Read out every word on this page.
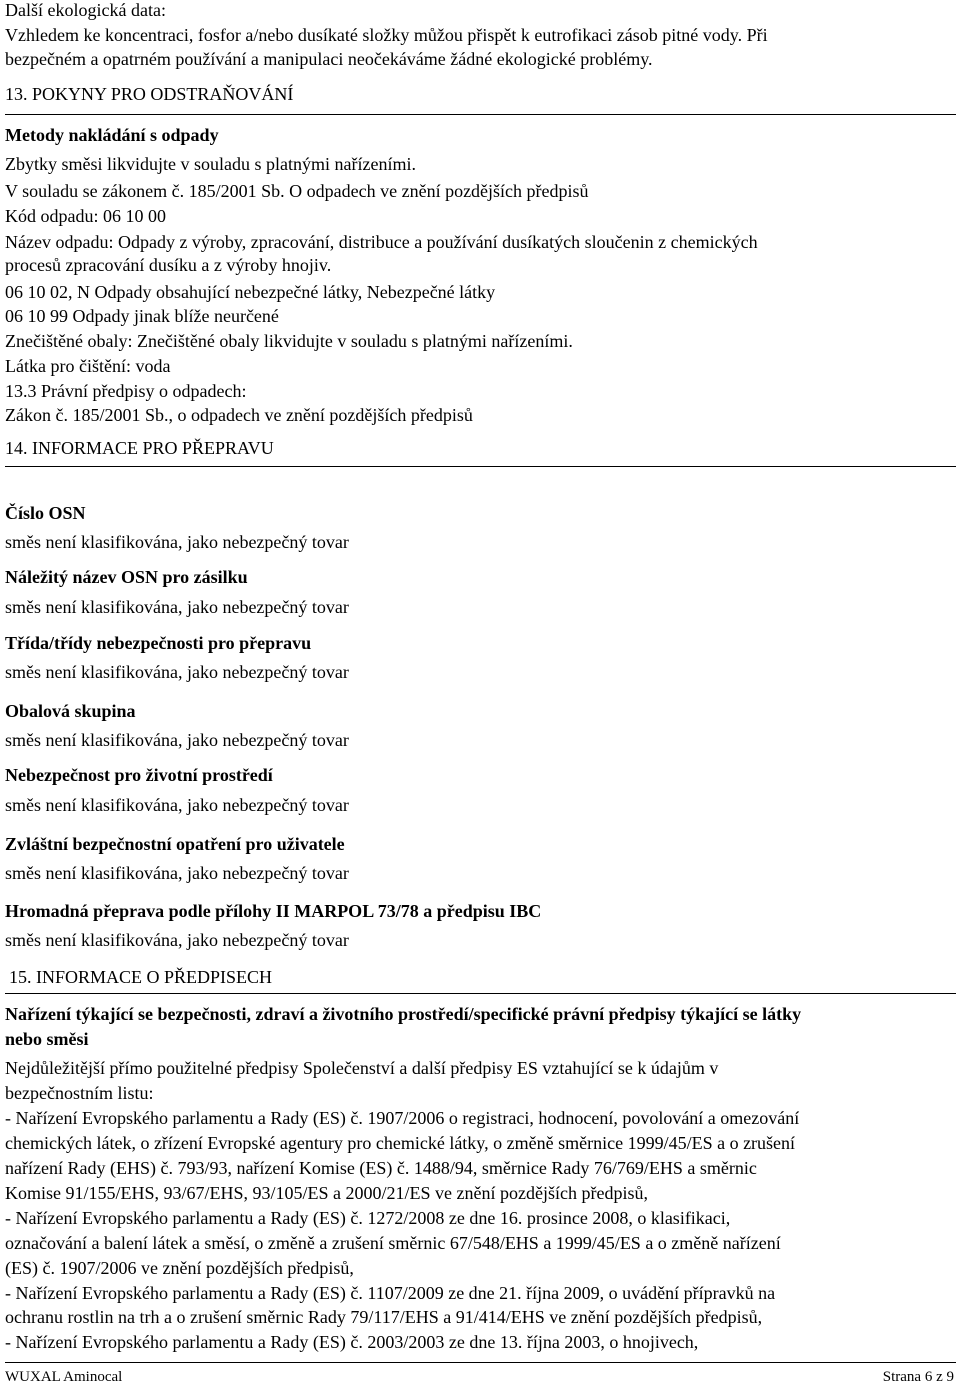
Další ekologická data:
Vzhledem ke koncentraci, fosfor a/nebo dusíkaté složky můžou přispět k eutrofikaci zásob pitné vody. Při
bezpečném a opatrném používání a manipulaci neočekáváme žádné ekologické problémy.
13. POKYNY PRO ODSTRAŇOVÁNÍ
Metody nakládání s odpady
Zbytky směsi likvidujte v souladu s platnými nařízeními.
V souladu se zákonem č. 185/2001 Sb. O odpadech ve znění pozdějších předpisů
Kód odpadu: 06 10 00
Název odpadu: Odpady z výroby, zpracování, distribuce a používání dusíkatých sloučenin z chemických
procesů zpracování dusíku a z výroby hnojiv.
06 10 02, N Odpady obsahující nebezpečné látky, Nebezpečné látky
06 10 99 Odpady jinak blíže neurčené
Znečištěné obaly: Znečištěné obaly likvidujte v souladu s platnými nařízeními.
Látka pro čištění: voda
13.3 Právní předpisy o odpadech:
Zákon č. 185/2001 Sb., o odpadech ve znění pozdějších předpisů
14. INFORMACE PRO PŘEPRAVU
Číslo OSN
směs není klasifikována, jako nebezpečný tovar
Náležitý název OSN pro zásilku
směs není klasifikována, jako nebezpečný tovar
Třída/třídy nebezpečnosti pro přepravu
směs není klasifikována, jako nebezpečný tovar
Obalová skupina
směs není klasifikována, jako nebezpečný tovar
Nebezpečnost pro životní prostředí
směs není klasifikována, jako nebezpečný tovar
Zvláštní bezpečnostní opatření pro uživatele
směs není klasifikována, jako nebezpečný tovar
Hromadná přeprava podle přílohy II MARPOL 73/78 a předpisu IBC
směs není klasifikována, jako nebezpečný tovar
15. INFORMACE O PŘEDPISECH
Nařízení týkající se bezpečnosti, zdraví a životního prostředí/specifické právní předpisy týkající se látky
nebo směsi
Nejdůležitější přímo použitelné předpisy Společenství a další předpisy ES vztahující se k údajům v
bezpečnostním listu:
- Nařízení Evropského parlamentu a Rady (ES) č. 1907/2006 o registraci, hodnocení, povolování a omezování
chemických látek, o zřízení Evropské agentury pro chemické látky, o změně směrnice 1999/45/ES a o zrušení
nařízení Rady (EHS) č. 793/93, nařízení Komise (ES) č. 1488/94, směrnice Rady 76/769/EHS a směrnic
Komise 91/155/EHS, 93/67/EHS, 93/105/ES a 2000/21/ES ve znění pozdějších předpisů,
- Nařízení Evropského parlamentu a Rady (ES) č. 1272/2008 ze dne 16. prosince 2008, o klasifikaci,
označování a balení látek a směsí, o změně a zrušení směrnic 67/548/EHS a 1999/45/ES a o změně nařízení
(ES) č. 1907/2006 ve znění pozdějších předpisů,
- Nařízení Evropského parlamentu a Rady (ES) č. 1107/2009 ze dne 21. října 2009, o uvádění přípravků na
ochranu rostlin na trh a o zrušení směrnic Rady 79/117/EHS a 91/414/EHS ve znění pozdějších předpisů,
- Nařízení Evropského parlamentu a Rady (ES) č. 2003/2003 ze dne 13. října 2003, o hnojivech,
WUXAL Aminocal	Strana 6 z 9
